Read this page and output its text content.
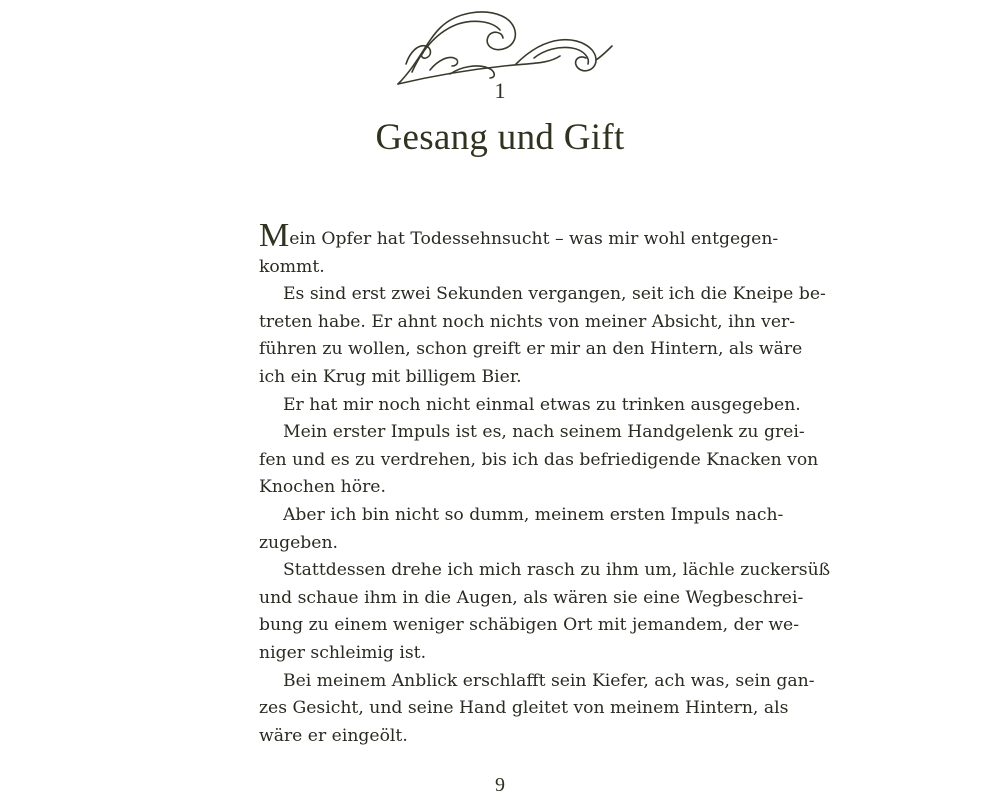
1
Gesang und Gift
Mein Opfer hat Todessehnsucht – was mir wohl entgegen-
kommt.
Es sind erst zwei Sekunden vergangen, seit ich die Kneipe be-
treten habe. Er ahnt noch nichts von meiner Absicht, ihn ver-
führen zu wollen, schon greift er mir an den Hintern, als wäre
ich ein Krug mit billigem Bier.
Er hat mir noch nicht einmal etwas zu trinken ausgegeben.
Mein erster Impuls ist es, nach seinem Handgelenk zu grei-
fen und es zu verdrehen, bis ich das befriedigende Knacken von
Knochen höre.
Aber ich bin nicht so dumm, meinem ersten Impuls nach-
zugeben.
Stattdessen drehe ich mich rasch zu ihm um, lächle zuckersüß
und schaue ihm in die Augen, als wären sie eine Wegbeschrei-
bung zu einem weniger schäbigen Ort mit jemandem, der we-
niger schleimig ist.
Bei meinem Anblick erschlafft sein Kiefer, ach was, sein gan-
zes Gesicht, und seine Hand gleitet von meinem Hintern, als
wäre er eingeölt.
9
